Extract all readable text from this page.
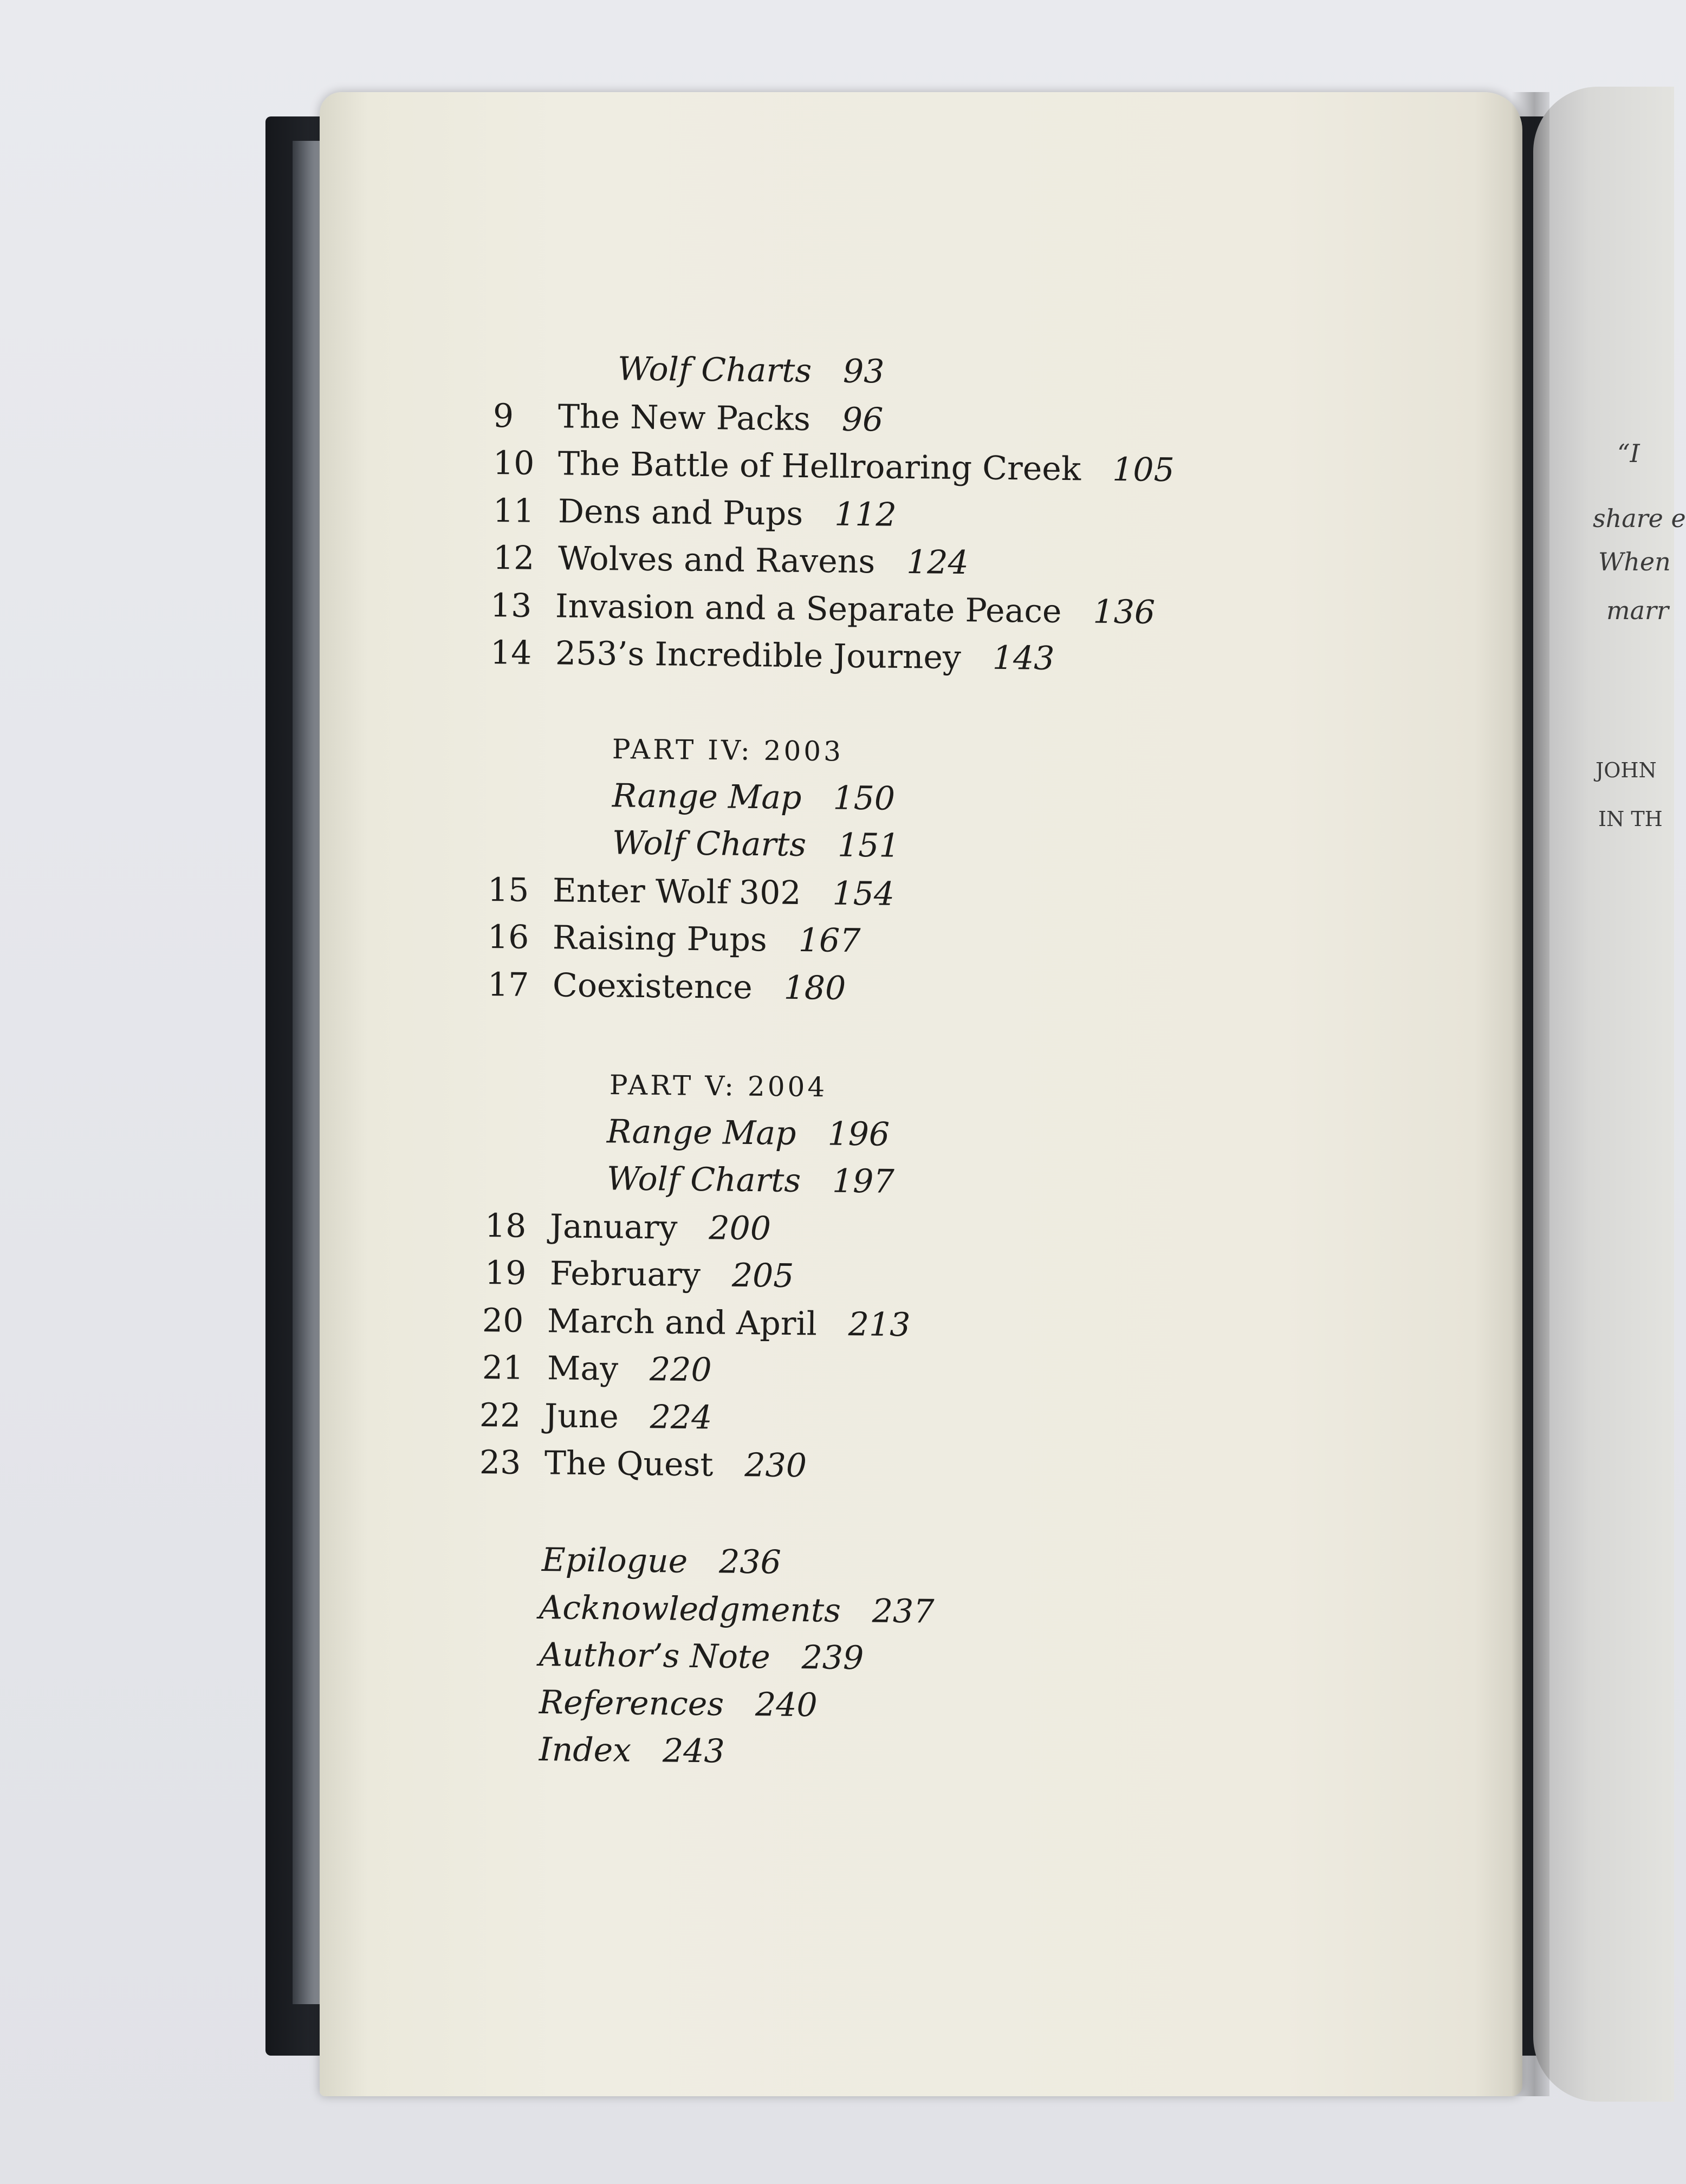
“I
share e
When
marr
JOHN
IN TH
Wolf Charts 93
9	The New Packs 96
10 The Battle of Hellroaring Creek 105
11 Dens and Pups 112
12 Wolves and Ravens 124
13 Invasion and a Separate Peace 136
14 253’s Incredible Journey 143
PART IV: 2003
Range Map 150
Wolf Charts 151
15 Enter Wolf 302 154
16 Raising Pups 167
17 Coexistence 180
PART V: 2004
Range Map 196
Wolf Charts 197
18 January 200
19 February 205
20 March and April 213
21 May 220
22 June 224
23 The Quest 230
Epilogue 236
Acknowledgments 237
Author’s Note 239
References 240
Index 243
